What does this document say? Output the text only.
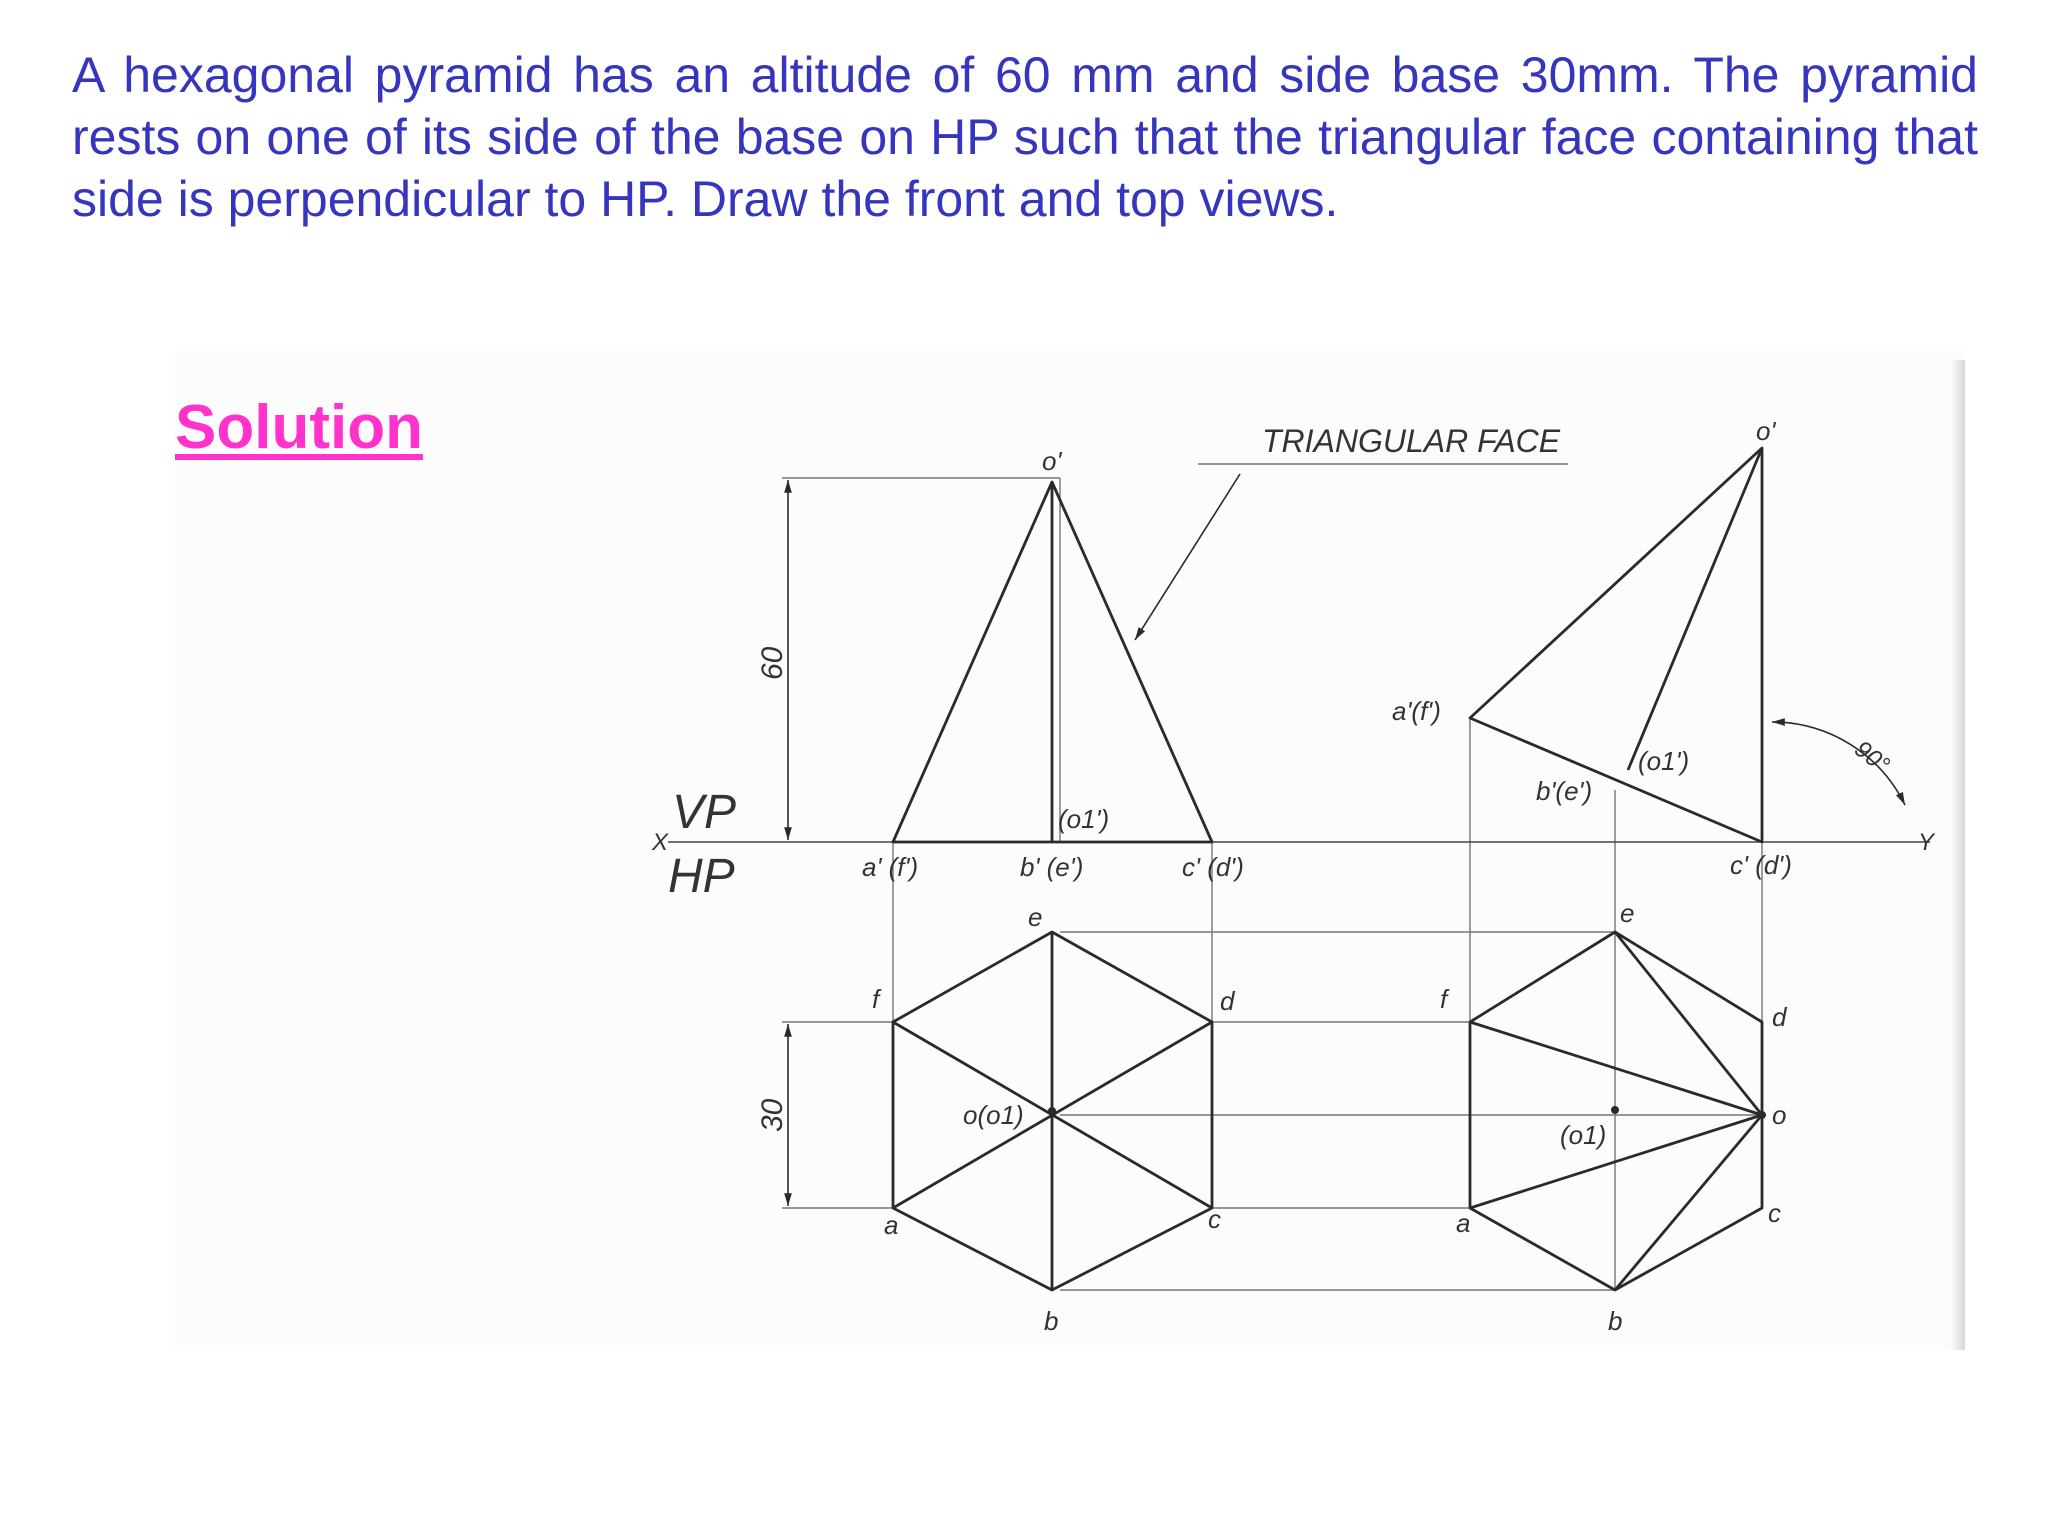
A hexagonal pyramid has an altitude of 60 mm and side base 30mm. The pyramid rests on one of its side of the base on HP such that the triangular face containing that side is perpendicular to HP. Draw the front and top views.

Solution
X	Y
VP
HP
60
30
90°
TRIANGULAR FACE
o'
a' (f')	b' (e')	c' (d')
(o1')
e
f	d
o(o1)
a	c
b
o'
a'(f')
b'(e')
(o1')
c' (d')
e
f
d
o
(o1)
a	c
b
